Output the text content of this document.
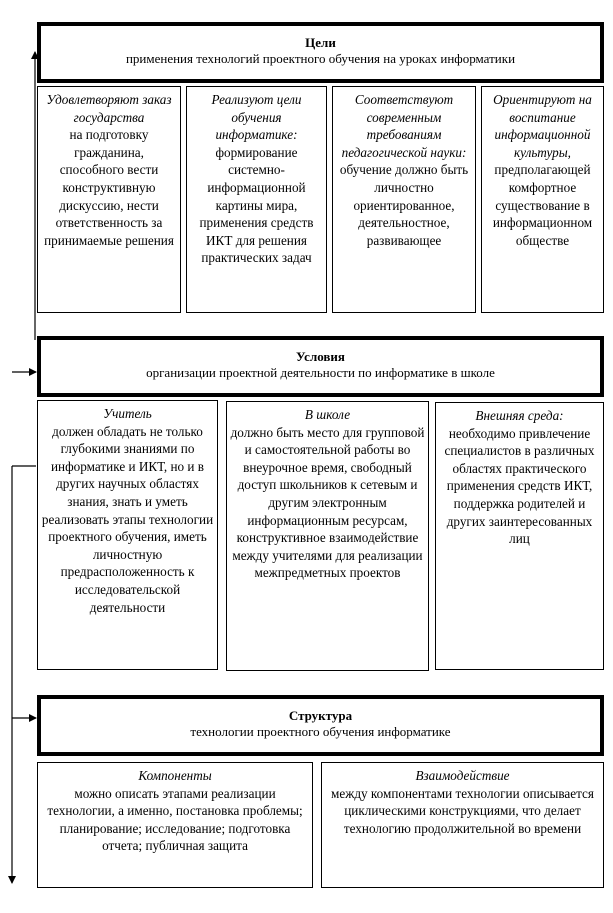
Цели
применения технологий проектного обучения на уроках информатики
Удовлетворяют заказ государства
на подготовку гражданина, способного вести конструктивную дискуссию, нести ответственность за принимаемые решения
Реализуют цели обучения информатике:
формирование системно-информационной картины мира, применения средств ИКТ для решения практических задач
Соответствуют современным требованиям педагогической науки:
обучение должно быть личностно ориентированное, деятельностное, развивающее
Ориентируют на воспитание информационной культуры,
предполагающей комфортное существование в информационном обществе
Условия
организации проектной деятельности по информатике в школе
Учитель
должен обладать не только глубокими знаниями по информатике и ИКТ, но и в других научных областях знания, знать и уметь реализовать этапы технологии проектного обучения, иметь личностную предрасположенность к исследовательской деятельности
В школе
должно быть место для групповой и самостоятельной работы во внеурочное время, свободный доступ школьников к сетевым и другим электронным информационным ресурсам, конструктивное взаимодействие между учителями для реализации межпредметных проектов
Внешняя среда:
необходимо привлечение специалистов в различных областях практического применения средств ИКТ, поддержка родителей и других заинтересованных лиц
Структура
технологии проектного обучения информатике
Компоненты
можно описать этапами реализации технологии, а именно, постановка проблемы; планирование; исследование; подготовка отчета; публичная защита
Взаимодействие
между компонентами технологии описывается циклическими конструкциями, что делает технологию продолжительной во времени
